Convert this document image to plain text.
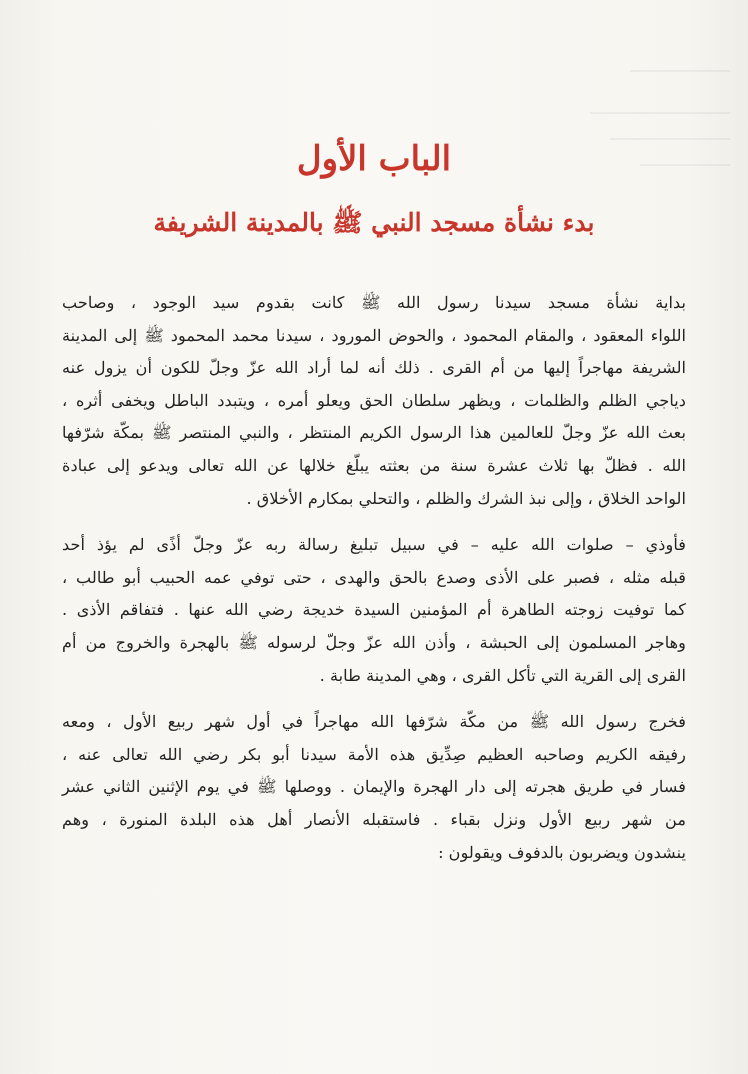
الباب الأول
بدء نشأة مسجد النبي ﷺ بالمدينة الشريفة

بداية نشأة مسجد سيدنا رسول الله ﷺ كانت بقدوم سيد الوجود ، وصاحب
اللواء المعقود ، والمقام المحمود ، والحوض المورود ، سيدنا محمد المحمود ﷺ إلى المدينة
الشريفة مهاجراً إليها من أم القرى . ذلك أنه لما أراد الله عزّ وجلّ للكون أن يزول عنه
دياجي الظلم والظلمات ، ويظهر سلطان الحق ويعلو أمره ، ويتبدد الباطل ويخفى أثره ،
بعث الله عزّ وجلّ للعالمين هذا الرسول الكريم المنتظر ، والنبي المنتصر ﷺ بمكّة شرّفها
الله . فظلّ بها ثلاث عشرة سنة من بعثته يبلّغ خلالها عن الله تعالى ويدعو إلى عبادة
الواحد الخلاق ، وإلى نبذ الشرك والظلم ، والتحلي بمكارم الأخلاق .

فأوذي – صلوات الله عليه – في سبيل تبليغ رسالة ربه عزّ وجلّ أذًى لم يؤذ أحد
قبله مثله ، فصبر على الأذى وصدع بالحق والهدى ، حتى توفي عمه الحبيب أبو طالب ،
كما توفيت زوجته الطاهرة أم المؤمنين السيدة خديجة رضي الله عنها . فتفاقم الأذى .
وهاجر المسلمون إلى الحبشة ، وأذن الله عزّ وجلّ لرسوله ﷺ بالهجرة والخروج من أم
القرى إلى القرية التي تأكل القرى ، وهي المدينة طابة .

فخرج رسول الله ﷺ من مكّة شرّفها الله مهاجراً في أول شهر ربيع الأول ، ومعه
رفيقه الكريم وصاحبه العظيم صِدِّيق هذه الأمة سيدنا أبو بكر رضي الله تعالى عنه ،
فسار في طريق هجرته إلى دار الهجرة والإيمان . ووصلها ﷺ في يوم الإثنين الثاني عشر
من شهر ربيع الأول ونزل بقباء . فاستقبله الأنصار أهل هذه البلدة المنورة ، وهم
ينشدون ويضربون بالدفوف ويقولون :
